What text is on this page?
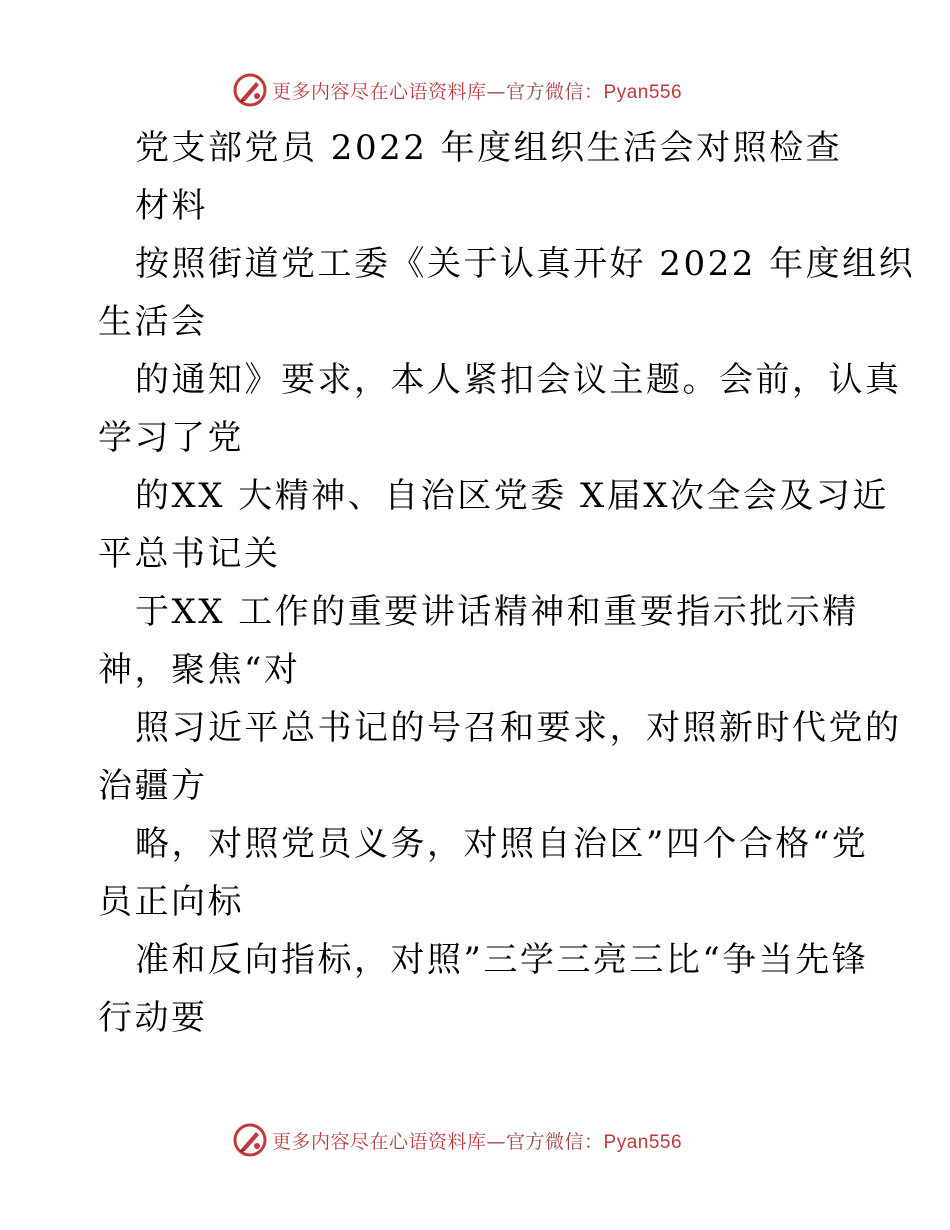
更多内容尽在心语资料库—官方微信：Pyan556
党支部党员 2022 年度组织生活会对照检查
材料
按照街道党工委《关于认真开好 2022 年度组织
生活会
的通知》要求，本人紧扣会议主题。会前，认真
学习了党
的XX 大精神、自治区党委 X届X次全会及习近
平总书记关
于XX 工作的重要讲话精神和重要指示批示精
神，聚焦“对
照习近平总书记的号召和要求，对照新时代党的
治疆方
略，对照党员义务，对照自治区”四个合格“党
员正向标
准和反向指标，对照”三学三亮三比“争当先锋
行动要
更多内容尽在心语资料库—官方微信：Pyan556
